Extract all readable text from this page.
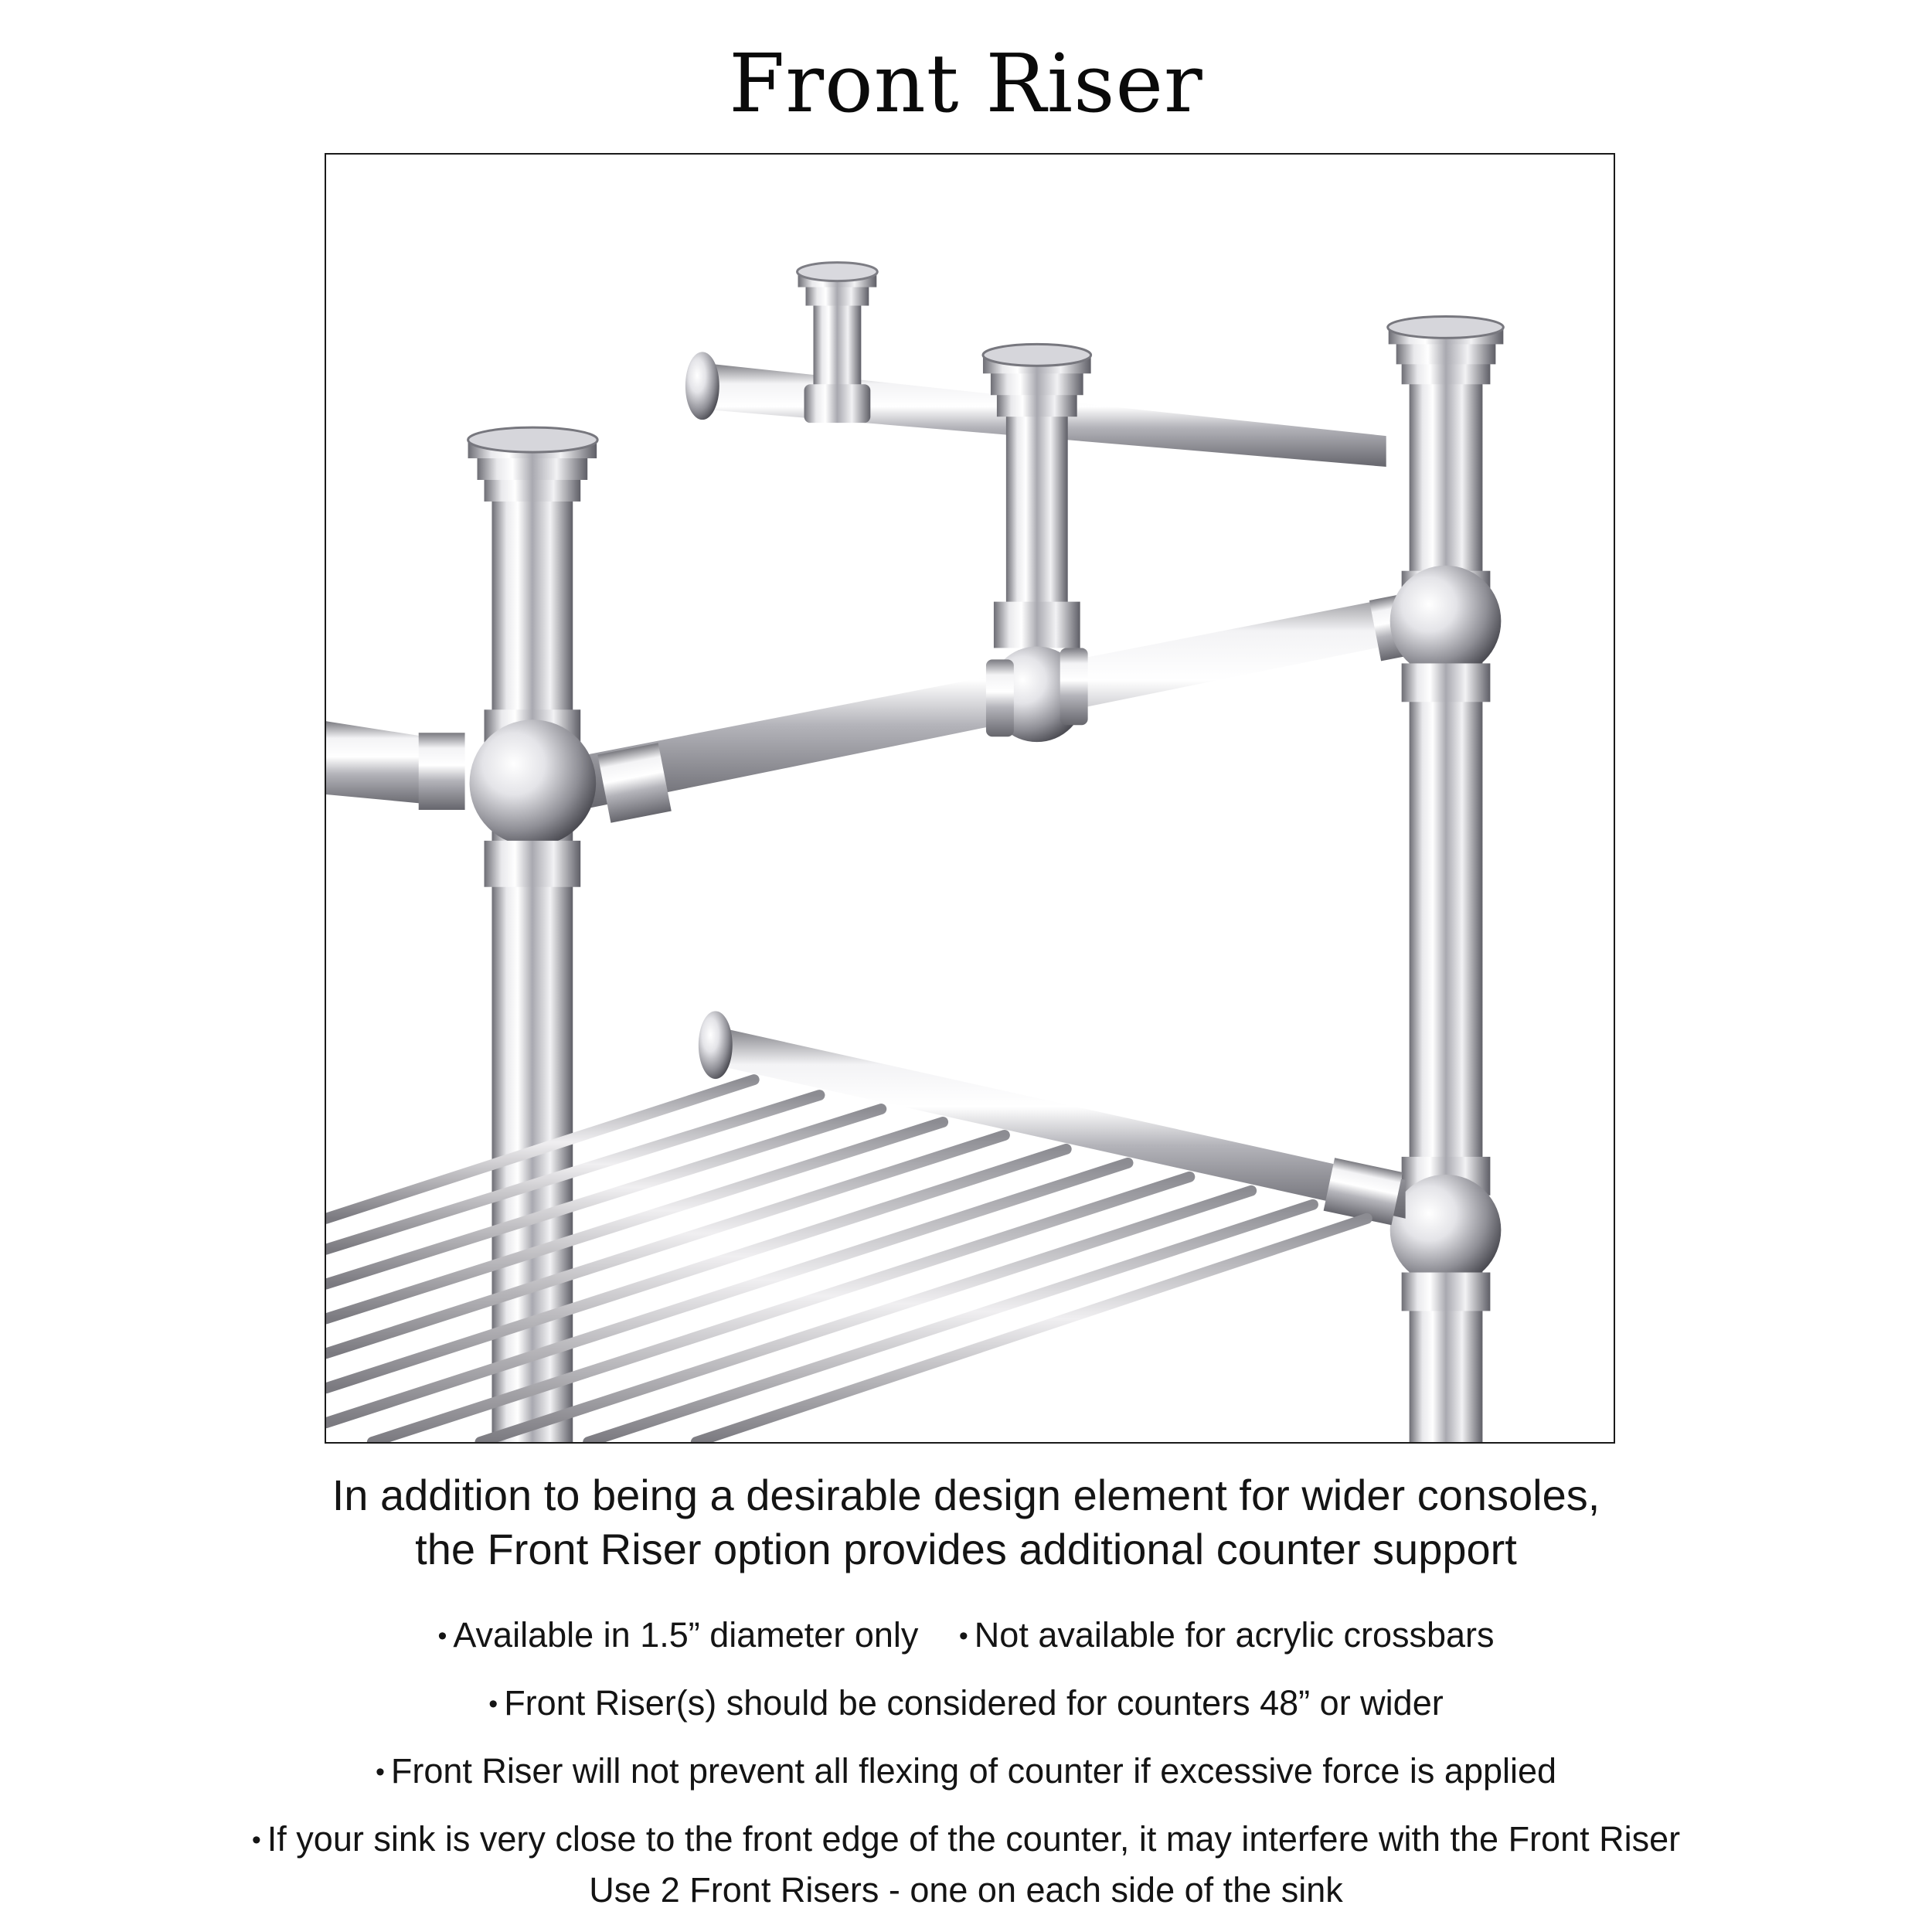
Front Riser
In addition to being a desirable design element for wider consoles,
the Front Riser option provides additional counter support
• Available in 1.5” diameter only • Not available for acrylic crossbars
• Front Riser(s) should be considered for counters 48” or wider
• Front Riser will not prevent all flexing of counter if excessive force is applied
• If your sink is very close to the front edge of the counter, it may interfere with the Front Riser
Use 2 Front Risers - one on each side of the sink
